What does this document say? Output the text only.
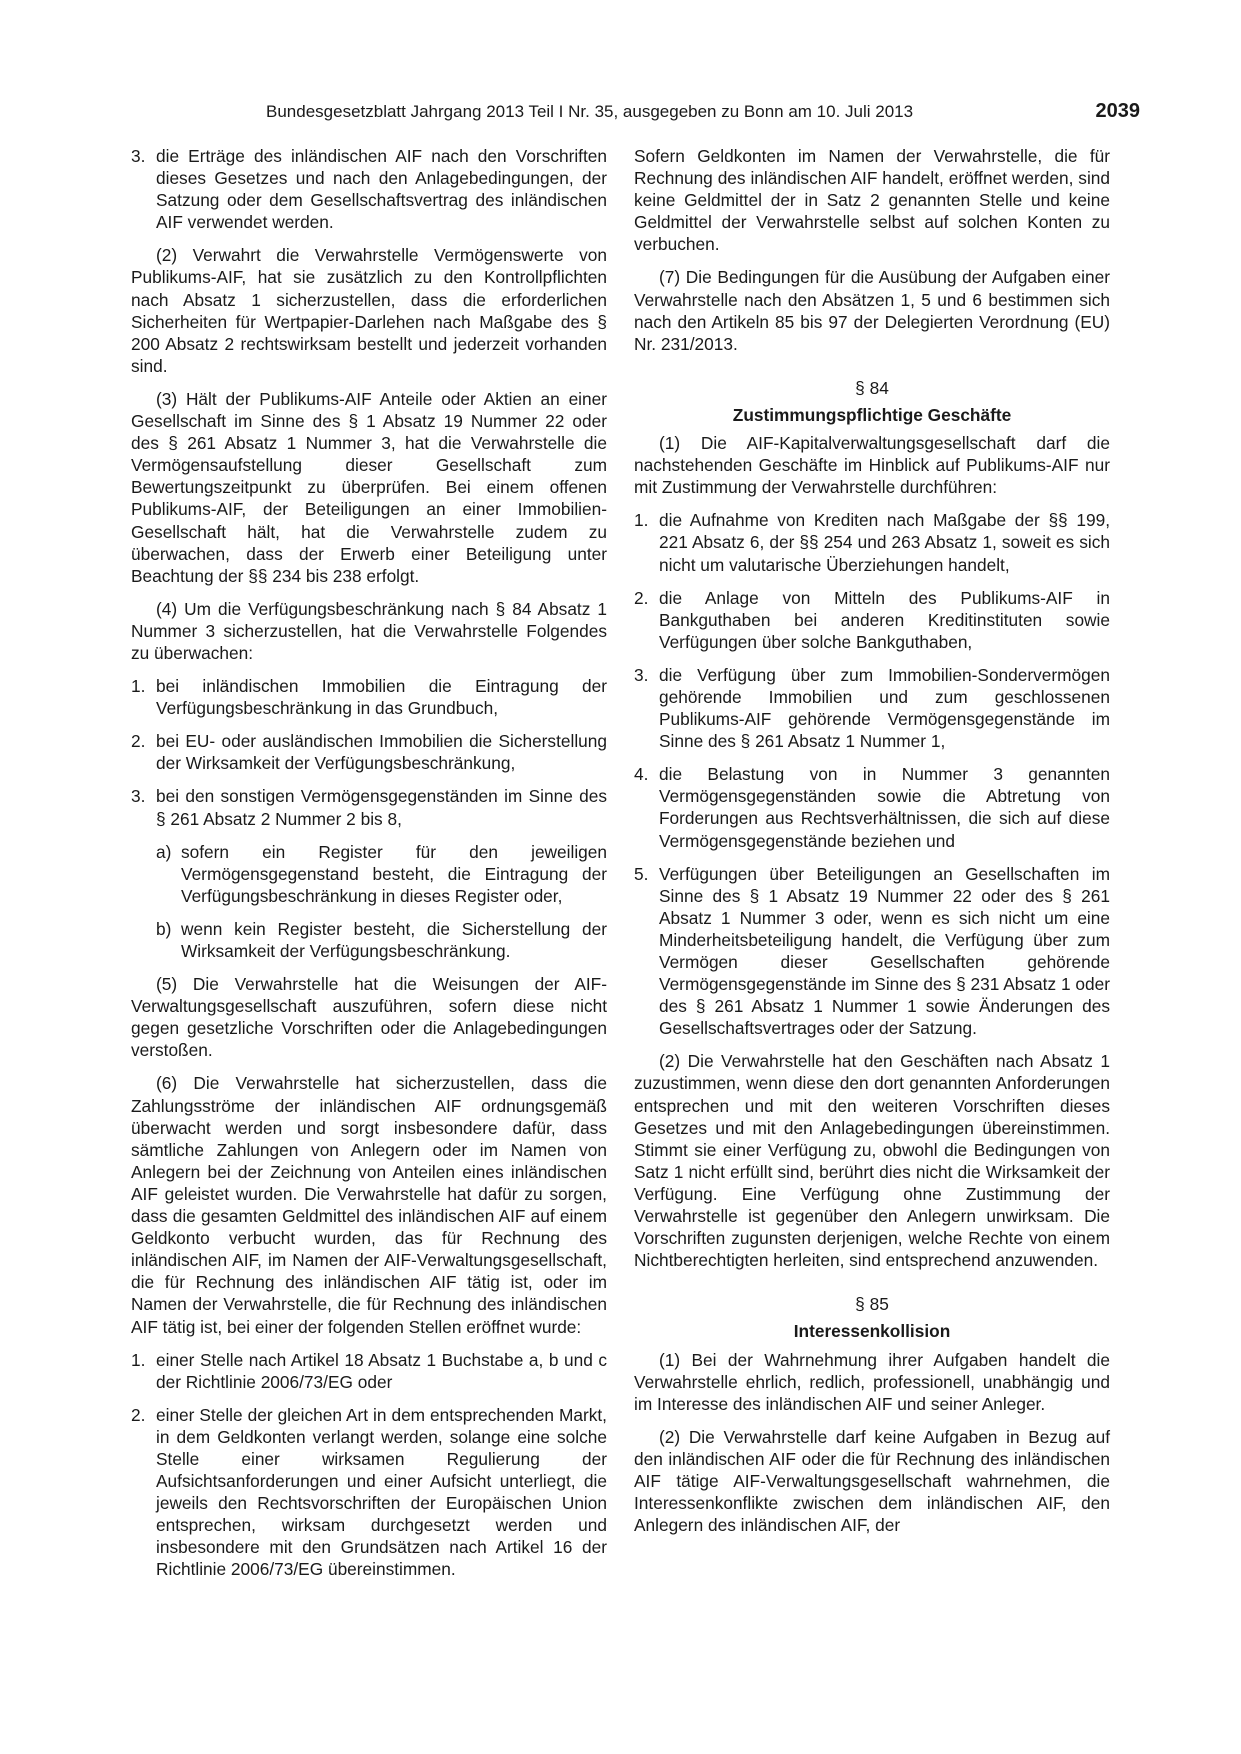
Bundesgesetzblatt Jahrgang 2013 Teil I Nr. 35, ausgegeben zu Bonn am 10. Juli 2013	2039
3. die Erträge des inländischen AIF nach den Vorschriften dieses Gesetzes und nach den Anlagebedingungen, der Satzung oder dem Gesellschaftsvertrag des inländischen AIF verwendet werden.

(2) Verwahrt die Verwahrstelle Vermögenswerte von Publikums-AIF, hat sie zusätzlich zu den Kontrollpflichten nach Absatz 1 sicherzustellen, dass die erforderlichen Sicherheiten für Wertpapier-Darlehen nach Maßgabe des § 200 Absatz 2 rechtswirksam bestellt und jederzeit vorhanden sind.

(3) Hält der Publikums-AIF Anteile oder Aktien an einer Gesellschaft im Sinne des § 1 Absatz 19 Nummer 22 oder des § 261 Absatz 1 Nummer 3, hat die Verwahrstelle die Vermögensaufstellung dieser Gesellschaft zum Bewertungszeitpunkt zu überprüfen. Bei einem offenen Publikums-AIF, der Beteiligungen an einer Immobilien-Gesellschaft hält, hat die Verwahrstelle zudem zu überwachen, dass der Erwerb einer Beteiligung unter Beachtung der §§ 234 bis 238 erfolgt.

(4) Um die Verfügungsbeschränkung nach § 84 Absatz 1 Nummer 3 sicherzustellen, hat die Verwahrstelle Folgendes zu überwachen:

1. bei inländischen Immobilien die Eintragung der Verfügungsbeschränkung in das Grundbuch,
2. bei EU- oder ausländischen Immobilien die Sicherstellung der Wirksamkeit der Verfügungsbeschränkung,
3. bei den sonstigen Vermögensgegenständen im Sinne des § 261 Absatz 2 Nummer 2 bis 8,
a) sofern ein Register für den jeweiligen Vermögensgegenstand besteht, die Eintragung der Verfügungsbeschränkung in dieses Register oder,
b) wenn kein Register besteht, die Sicherstellung der Wirksamkeit der Verfügungsbeschränkung.

(5) Die Verwahrstelle hat die Weisungen der AIF-Verwaltungsgesellschaft auszuführen, sofern diese nicht gegen gesetzliche Vorschriften oder die Anlagebedingungen verstoßen.

(6) Die Verwahrstelle hat sicherzustellen, dass die Zahlungsströme der inländischen AIF ordnungsgemäß überwacht werden und sorgt insbesondere dafür, dass sämtliche Zahlungen von Anlegern oder im Namen von Anlegern bei der Zeichnung von Anteilen eines inländischen AIF geleistet wurden. Die Verwahrstelle hat dafür zu sorgen, dass die gesamten Geldmittel des inländischen AIF auf einem Geldkonto verbucht wurden, das für Rechnung des inländischen AIF, im Namen der AIF-Verwaltungsgesellschaft, die für Rechnung des inländischen AIF tätig ist, oder im Namen der Verwahrstelle, die für Rechnung des inländischen AIF tätig ist, bei einer der folgenden Stellen eröffnet wurde:

1. einer Stelle nach Artikel 18 Absatz 1 Buchstabe a, b und c der Richtlinie 2006/73/EG oder
2. einer Stelle der gleichen Art in dem entsprechenden Markt, in dem Geldkonten verlangt werden, solange eine solche Stelle einer wirksamen Regulierung der Aufsichtsanforderungen und einer Aufsicht unterliegt, die jeweils den Rechtsvorschriften der Europäischen Union entsprechen, wirksam durchgesetzt werden und insbesondere mit den Grundsätzen nach Artikel 16 der Richtlinie 2006/73/EG übereinstimmen.

Sofern Geldkonten im Namen der Verwahrstelle, die für Rechnung des inländischen AIF handelt, eröffnet werden, sind keine Geldmittel der in Satz 2 genannten Stelle und keine Geldmittel der Verwahrstelle selbst auf solchen Konten zu verbuchen.

(7) Die Bedingungen für die Ausübung der Aufgaben einer Verwahrstelle nach den Absätzen 1, 5 und 6 bestimmen sich nach den Artikeln 85 bis 97 der Delegierten Verordnung (EU) Nr. 231/2013.

§ 84
Zustimmungspflichtige Geschäfte

(1) Die AIF-Kapitalverwaltungsgesellschaft darf die nachstehenden Geschäfte im Hinblick auf Publikums-AIF nur mit Zustimmung der Verwahrstelle durchführen:

1. die Aufnahme von Krediten nach Maßgabe der §§ 199, 221 Absatz 6, der §§ 254 und 263 Absatz 1, soweit es sich nicht um valutarische Überziehungen handelt,
2. die Anlage von Mitteln des Publikums-AIF in Bankguthaben bei anderen Kreditinstituten sowie Verfügungen über solche Bankguthaben,
3. die Verfügung über zum Immobilien-Sondervermögen gehörende Immobilien und zum geschlossenen Publikums-AIF gehörende Vermögensgegenstände im Sinne des § 261 Absatz 1 Nummer 1,
4. die Belastung von in Nummer 3 genannten Vermögensgegenständen sowie die Abtretung von Forderungen aus Rechtsverhältnissen, die sich auf diese Vermögensgegenstände beziehen und
5. Verfügungen über Beteiligungen an Gesellschaften im Sinne des § 1 Absatz 19 Nummer 22 oder des § 261 Absatz 1 Nummer 3 oder, wenn es sich nicht um eine Minderheitsbeteiligung handelt, die Verfügung über zum Vermögen dieser Gesellschaften gehörende Vermögensgegenstände im Sinne des § 231 Absatz 1 oder des § 261 Absatz 1 Nummer 1 sowie Änderungen des Gesellschaftsvertrages oder der Satzung.

(2) Die Verwahrstelle hat den Geschäften nach Absatz 1 zuzustimmen, wenn diese den dort genannten Anforderungen entsprechen und mit den weiteren Vorschriften dieses Gesetzes und mit den Anlagebedingungen übereinstimmen. Stimmt sie einer Verfügung zu, obwohl die Bedingungen von Satz 1 nicht erfüllt sind, berührt dies nicht die Wirksamkeit der Verfügung. Eine Verfügung ohne Zustimmung der Verwahrstelle ist gegenüber den Anlegern unwirksam. Die Vorschriften zugunsten derjenigen, welche Rechte von einem Nichtberechtigten herleiten, sind entsprechend anzuwenden.

§ 85
Interessenkollision

(1) Bei der Wahrnehmung ihrer Aufgaben handelt die Verwahrstelle ehrlich, redlich, professionell, unabhängig und im Interesse des inländischen AIF und seiner Anleger.

(2) Die Verwahrstelle darf keine Aufgaben in Bezug auf den inländischen AIF oder die für Rechnung des inländischen AIF tätige AIF-Verwaltungsgesellschaft wahrnehmen, die Interessenkonflikte zwischen dem inländischen AIF, den Anlegern des inländischen AIF, der
